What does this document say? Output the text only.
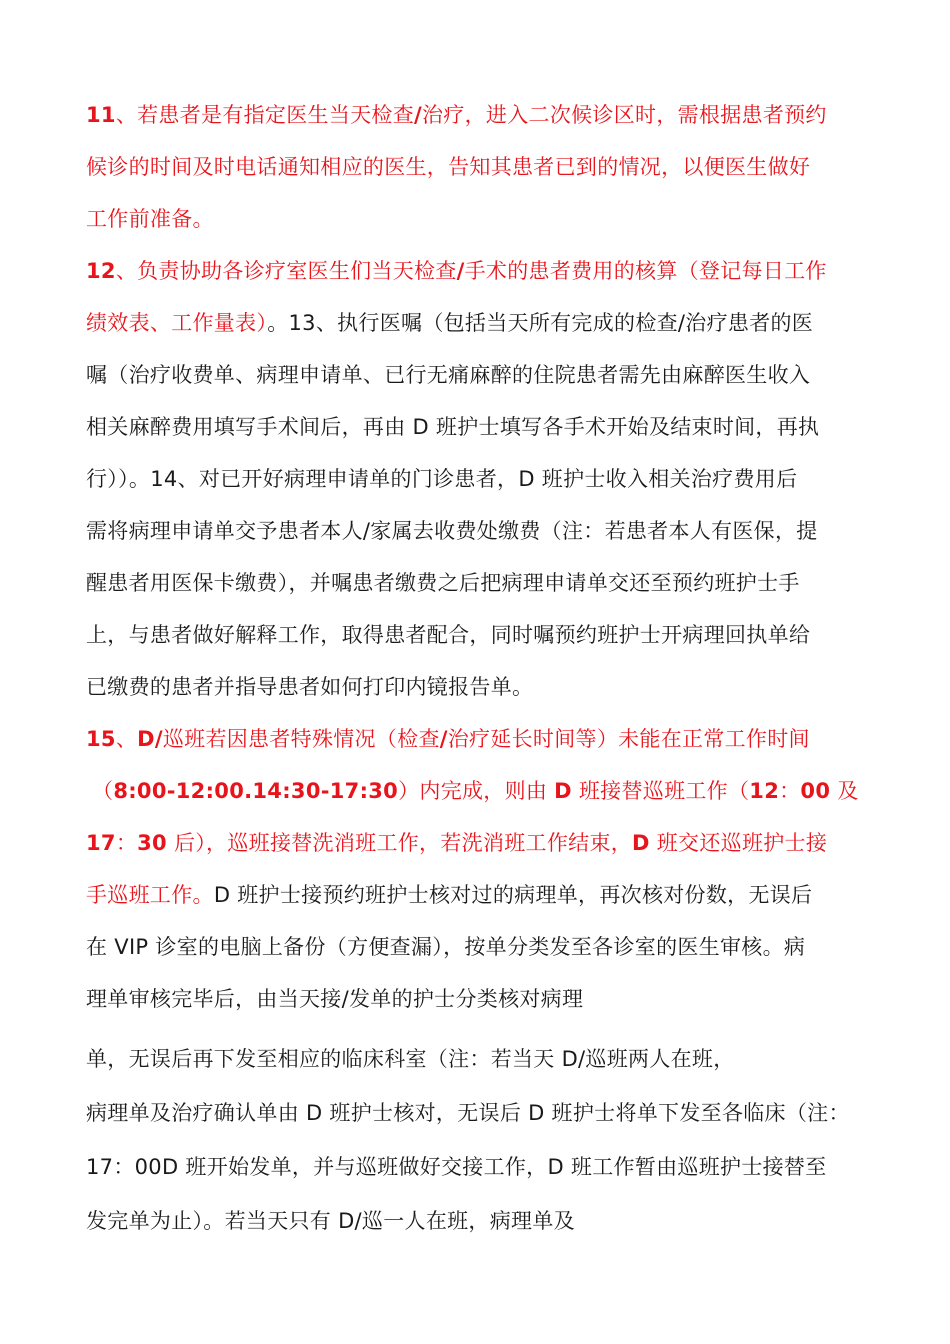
11、若患者是有指定医生当天检查/治疗，进入二次候诊区时，需根据患者预约
候诊的时间及时电话通知相应的医生，告知其患者已到的情况，以便医生做好
工作前准备。
12、负责协助各诊疗室医生们当天检查/手术的患者费用的核算（登记每日工作
绩效表、工作量表）。13、执行医嘱（包括当天所有完成的检查/治疗患者的医
嘱（治疗收费单、病理申请单、已行无痛麻醉的住院患者需先由麻醉医生收入
相关麻醉费用填写手术间后，再由 D 班护士填写各手术开始及结束时间，再执
行））。14、对已开好病理申请单的门诊患者，D 班护士收入相关治疗费用后
需将病理申请单交予患者本人/家属去收费处缴费（注：若患者本人有医保，提
醒患者用医保卡缴费），并嘱患者缴费之后把病理申请单交还至预约班护士手
上，与患者做好解释工作，取得患者配合，同时嘱预约班护士开病理回执单给
已缴费的患者并指导患者如何打印内镜报告单。
15、D/巡班若因患者特殊情况（检查/治疗延长时间等）未能在正常工作时间
（8:00-12:00.14:30-17:30）内完成，则由 D 班接替巡班工作（12：00 及
17：30 后），巡班接替洗消班工作，若洗消班工作结束，D 班交还巡班护士接
手巡班工作。D 班护士接预约班护士核对过的病理单，再次核对份数，无误后
在 VIP 诊室的电脑上备份（方便查漏），按单分类发至各诊室的医生审核。病
理单审核完毕后，由当天接/发单的护士分类核对病理
单，无误后再下发至相应的临床科室（注：若当天 D/巡班两人在班，
病理单及治疗确认单由 D 班护士核对，无误后 D 班护士将单下发至各临床（注：
17：00D 班开始发单，并与巡班做好交接工作，D 班工作暂由巡班护士接替至
发完单为止）。若当天只有 D/巡一人在班，病理单及
